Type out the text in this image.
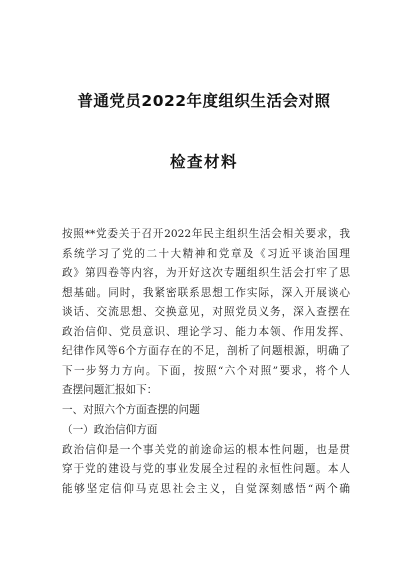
普通党员2022年度组织生活会对照
检查材料
按照**党委关于召开2022年民主组织生活会相关要求，我
系统学习了党的二十大精神和党章及《习近平谈治国理
政》第四卷等内容，为开好这次专题组织生活会打牢了思
想基础。同时，我紧密联系思想工作实际，深入开展谈心
谈话、交流思想、交换意见，对照党员义务，深入查摆在
政治信仰、党员意识、理论学习、能力本领、作用发挥、
纪律作风等6个方面存在的不足，剖析了问题根源，明确了
下一步努力方向。下面，按照“六个对照”要求，将个人
查摆问题汇报如下：
一、对照六个方面查摆的问题
（一）政治信仰方面
政治信仰是一个事关党的前途命运的根本性问题，也是贯
穿于党的建设与党的事业发展全过程的永恒性问题。本人
能够坚定信仰马克思社会主义，自觉深刻感悟“两个确
